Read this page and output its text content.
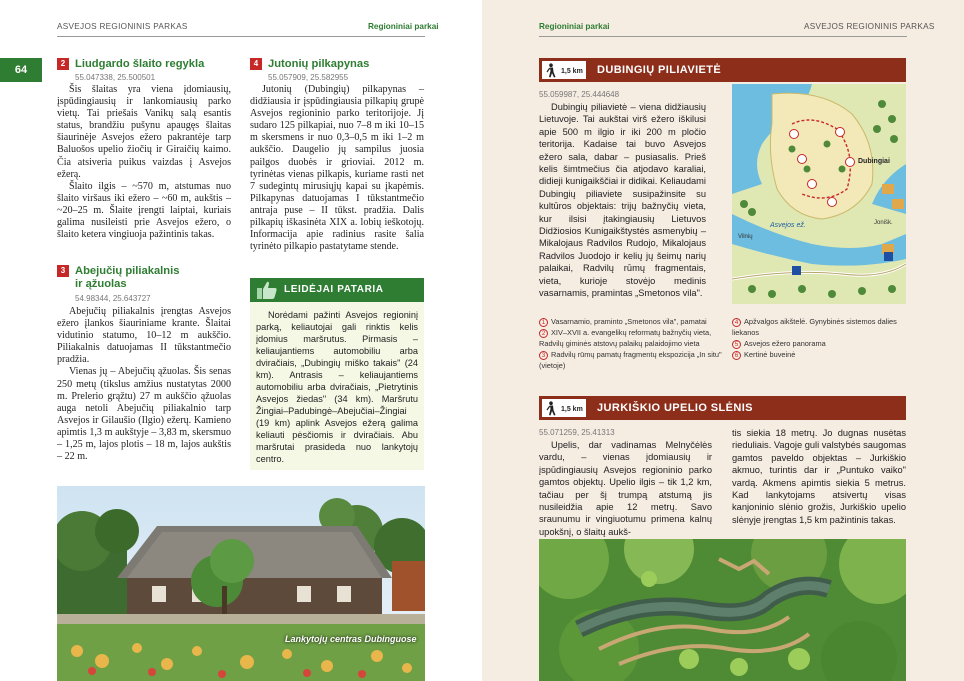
ASVEJOS REGIONINIS PARKAS	Regioniniai parkai
64
2 Liudgardo šlaito regykla
55.047338, 25.500501

Šis šlaitas yra viena įdomiausių, įspūdingiausių ir lankomiausių parko vietų. Tai priešais Vanikų salą esantis status, brandžiu pušynu apaugęs šlaitas šiaurinėje Asvejos ežero pakrantėje tarp Baluošos upelio žiočių ir Giraičių kaimo. Čia atsiveria puikus vaizdas į Asvejos ežerą.

Šlaito ilgis – ~570 m, atstumas nuo šlaito viršaus iki ežero – ~60 m, aukštis – ~20–25 m. Šlaite įrengti laiptai, kuriais galima nusileisti prie Asvejos ežero, o šlaito ketera vingiuoja pažintinis takas.

3 Abejučių piliakalnis
ir ąžuolas
54.98344, 25.643727

Abejučių piliakalnis įrengtas Asvejos ežero įlankos šiauriniame krante. Šlaitai vidutinio statumo, 10–12 m aukščio. Piliakalnis datuojamas II tūkstantmečio pradžia.

Vienas jų – Abejučių ąžuolas. Šis senas 250 metų (tikslus amžius nustatytas 2000 m. Prelerio grąžtu) 27 m aukščio ąžuolas auga netoli Abejučių piliakalnio tarp Asvejos ir Gilaušio (Ilgio) ežerų. Kamieno apimtis 1,3 m aukštyje – 3,83 m, skersmuo – 1,25 m, lajos plotis – 18 m, lajos aukštis – 22 m.

4 Jutonių pilkapynas
55.057909, 25.582955

Jutonių (Dubingių) pilkapynas – didžiausia ir įspūdingiausia pilkapių grupė Asvejos regioninio parko teritorijoje. Jį sudaro 125 pilkapiai, nuo 7–8 m iki 10–15 m skersmens ir nuo 0,3–0,5 m iki 1–2 m aukščio. Daugelio jų sampilus juosia pailgos duobės ir grioviai. 2012 m. tyrinėtas vienas pilkapis, kuriame rasti net 7 sudegintų mirusiųjų kapai su įkapėmis. Pilkapynas datuojamas I tūkstantmečio antraja puse – II tūkst. pradžia. Dalis pilkapių iškasinėta XIX a. lobių ieškotojų. Informacija apie radinius rasite šalia tyrinėto pilkapio pastatytame stende.

LEIDĖJAI PATARIA

Norėdami pažinti Asvejos regioninį parką, keliautojai gali rinktis kelis įdomius maršrutus. Pirmasis – keliaujantiems automobiliu arba dviračiais, „Dubingių miško takais" (24 km). Antrasis – keliaujantiems automobiliu arba dviračiais, „Pietrytinis Asvejos žiedas" (34 km). Maršrutu Žingiai–Padubingė–Abejučiai–Žingiai (19 km) aplink Asvejos ežerą galima keliauti pėsčiomis ir dviračiais. Abu maršrutai prasideda nuo lankytojų centro.

Lankytojų centras Dubinguose
Regioniniai parkai	ASVEJOS REGIONINIS PARKAS
1,5 km DUBINGIŲ PILIAVIETĖ
55.059987, 25.444648

Dubingių piliavietė – viena didžiausių Lietuvoje. Tai aukštai virš ežero iškilusi apie 500 m ilgio ir iki 200 m pločio teritorija. Kadaise tai buvo Asvejos ežero sala, dabar – pusiasalis. Prieš kelis šimtmečius čia atjodavo karaliai, didieji kunigaikščiai ir didikai. Keliaudami Dubingių piliaviete susipažinsite su kultūros objektais: trijų bažnyčių vieta, kur ilsisi įtakingiausių Lietuvos Didžiosios Kunigaikštystės asmenybių – Mikalojaus Radvilos Rudojo, Mikalojaus Radvilos Juodojo ir kelių jų šeimų narių palaikai, Radvilų rūmų fragmentais, vieta, kurioje stovėjo medinis vasarnamis, pramintas „Smetonos vila".

Dubingiai
Asvejos ež.
Vilnių
Jonišk.
1 Vasarnamio, praminto „Smetonos vila", pamatai
2 XIV–XVII a. evangelikų reformatų bažnyčių vieta, Radvilų giminės atstovų palaikų palaidojimo vieta
3 Radvilų rūmų pamatų fragmentų ekspozicija „In situ" (vietoje)
4 Apžvalgos aikštelė. Gynybinės sistemos dalies liekanos
5 Asvejos ežero panorama
6 Kertinė buveinė
1,5 km JURKIŠKIO UPELIO SLĖNIS
55.071259, 25.41313

Upelis, dar vadinamas Melnyčėlės vardu, – vienas įdomiausių ir įspūdingiausių Asvejos regioninio parko gamtos objektų. Upelio ilgis – tik 1,2 km, tačiau per šį trumpą atstumą jis nusileidžia apie 12 metrų. Savo sraunumu ir vingiuotumu primena kalnų upokšnį, o šlaitų aukš-

tis siekia 18 metrų. Jo dugnas nusėtas rieduliais. Vagoje guli valstybės saugomas gamtos paveldo objektas – Jurkiškio akmuo, turintis dar ir „Puntuko vaiko" vardą. Akmens apimtis siekia 5 metrus. Kad lankytojams atsivertų visas kanjoninio slėnio grožis, Jurkiškio upelio slėnyje įrengtas 1,5 km pažintinis takas.
